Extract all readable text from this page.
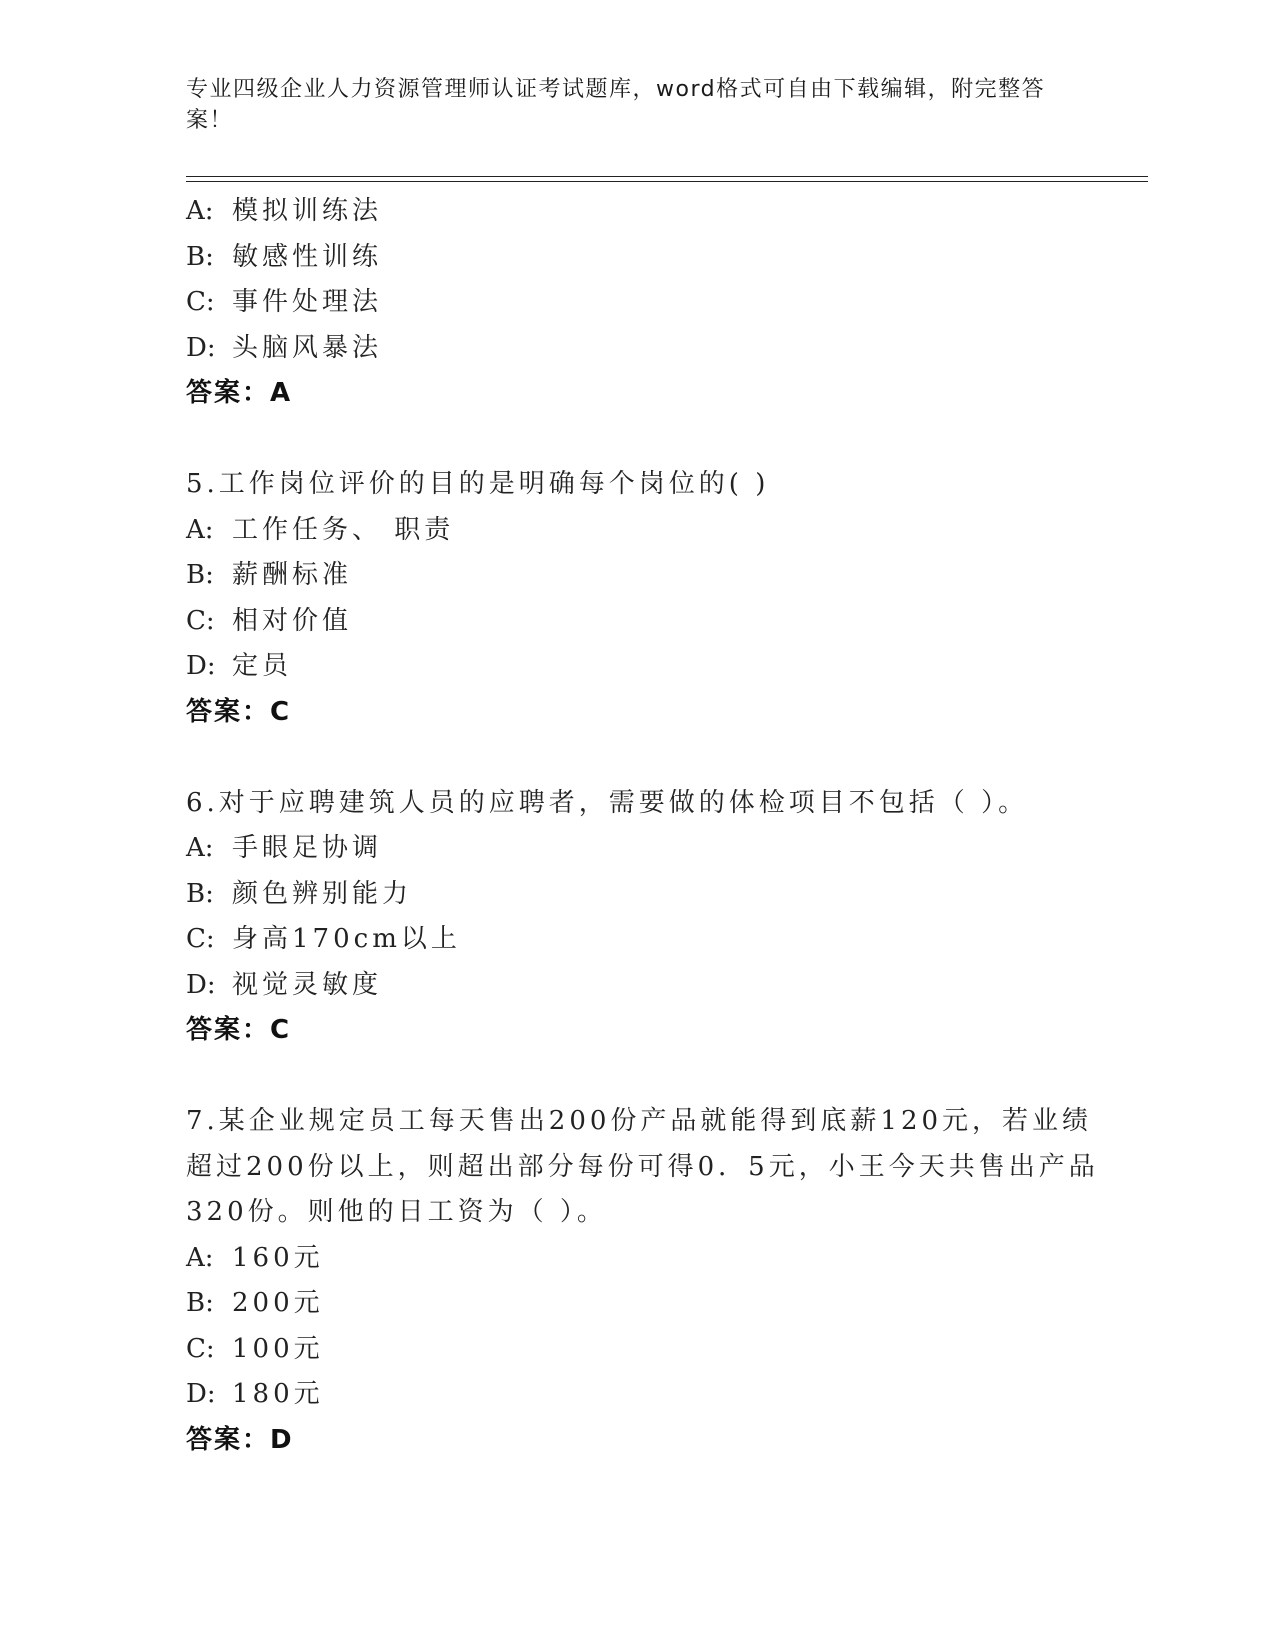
专业四级企业人力资源管理师认证考试题库，word格式可自由下载编辑，附完整答案！
A: 模拟训练法
B: 敏感性训练
C: 事件处理法
D: 头脑风暴法
答案：A
5.工作岗位评价的目的是明确每个岗位的( )
A: 工作任务、 职责
B: 薪酬标准
C: 相对价值
D: 定员
答案：C
6.对于应聘建筑人员的应聘者，需要做的体检项目不包括（ ）。
A: 手眼足协调
B: 颜色辨别能力
C: 身高170cm以上
D: 视觉灵敏度
答案：C
7.某企业规定员工每天售出200份产品就能得到底薪120元，若业绩
超过200份以上，则超出部分每份可得0．5元，小王今天共售出产品
320份。则他的日工资为（ ）。
A: 160元
B: 200元
C: 100元
D: 180元
答案：D
